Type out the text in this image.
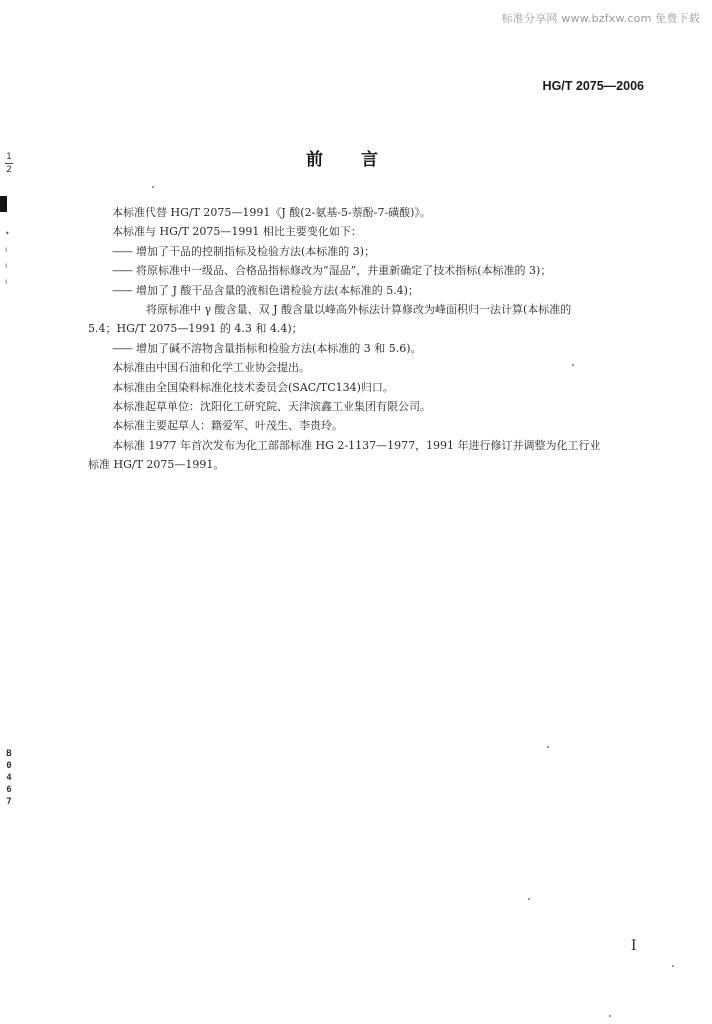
标准分享网 www.bzfxw.com 免费下载
HG/T 2075—2006
前言
1
2
•
ı
ı
ı
B
0
4
6
7

本标准代替 HG/T 2075—1991《J 酸(2-氨基-5-萘酚-7-磺酸)》。

本标准与 HG/T 2075—1991 相比主要变化如下：

—— 增加了干品的控制指标及检验方法(本标准的 3)；

—— 将原标准中一级品、合格品指标修改为“湿品”，并重新确定了技术指标(本标准的 3)；

—— 增加了 J 酸干品含量的液相色谱检验方法(本标准的 5.4)；

将原标准中 γ 酸含量、双 J 酸含量以峰高外标法计算修改为峰面积归一法计算(本标准的

5.4；HG/T 2075—1991 的 4.3 和 4.4)；

—— 增加了碱不溶物含量指标和检验方法(本标准的 3 和 5.6)。

本标准由中国石油和化学工业协会提出。

本标准由全国染料标准化技术委员会(SAC/TC134)归口。

本标准起草单位：沈阳化工研究院、天津滨鑫工业集团有限公司。

本标准主要起草人：籍爱军、叶茂生、李贵玲。

本标准 1977 年首次发布为化工部部标准 HG 2-1137—1977，1991 年进行修订并调整为化工行业

标准 HG/T 2075—1991。

I
